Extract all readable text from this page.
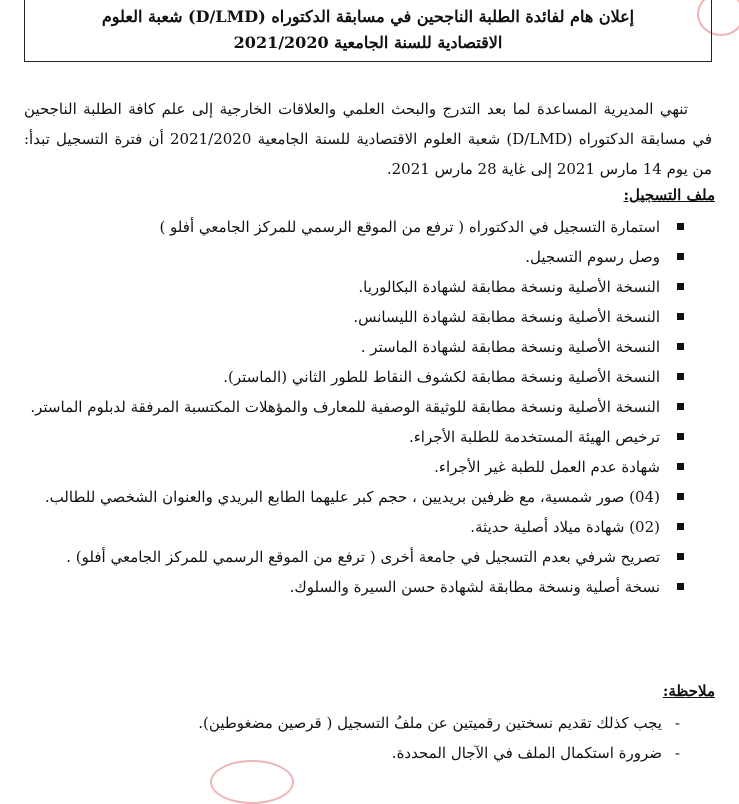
إعلان هام لفائدة الطلبة الناجحين في مسابقة الدكتوراه (D/LMD) شعبة العلوم
الاقتصادية للسنة الجامعية 2021/2020

تنهي المديرية المساعدة لما بعد التدرج والبحث العلمي والعلاقات الخارجية إلى علم كافة الطلبة الناجحين في مسابقة الدكتوراه (D/LMD) شعبة العلوم الاقتصادية للسنة الجامعية 2021/2020 أن فترة التسجيل تبدأ: من يوم 14 مارس 2021 إلى غاية 28 مارس 2021.

ملف التسجيل:
استمارة التسجيل في الدكتوراه ( ترفع من الموقع الرسمي للمركز الجامعي أفلو )
وصل رسوم التسجيل.
النسخة الأصلية ونسخة مطابقة لشهادة البكالوريا.
النسخة الأصلية ونسخة مطابقة لشهادة الليسانس.
النسخة الأصلية ونسخة مطابقة لشهادة الماستر .
النسخة الأصلية ونسخة مطابقة لكشوف النقاط للطور الثاني (الماستر).
النسخة الأصلية ونسخة مطابقة للوثيقة الوصفية للمعارف والمؤهلات المكتسبة المرفقة لدبلوم الماستر.
ترخيص الهيئة المستخدمة للطلبة الأجراء.
شهادة عدم العمل للطبة غير الأجراء.
(04) صور شمسية، مع ظرفين بريديين ، حجم كبر عليهما الطابع البريدي والعنوان الشخصي للطالب.
(02) شهادة ميلاد أصلية حديثة.
تصريح شرفي بعدم التسجيل في جامعة أخرى ( ترفع من الموقع الرسمي للمركز الجامعي أفلو) .
نسخة أصلية ونسخة مطابقة لشهادة حسن السيرة والسلوك.
ملاحظة:
- يجب كذلك تقديم نسختين رقميتين عن ملفُ التسجيل ( قرصين مضغوطين).
- ضرورة استكمال الملف في الآجال المحددة.
